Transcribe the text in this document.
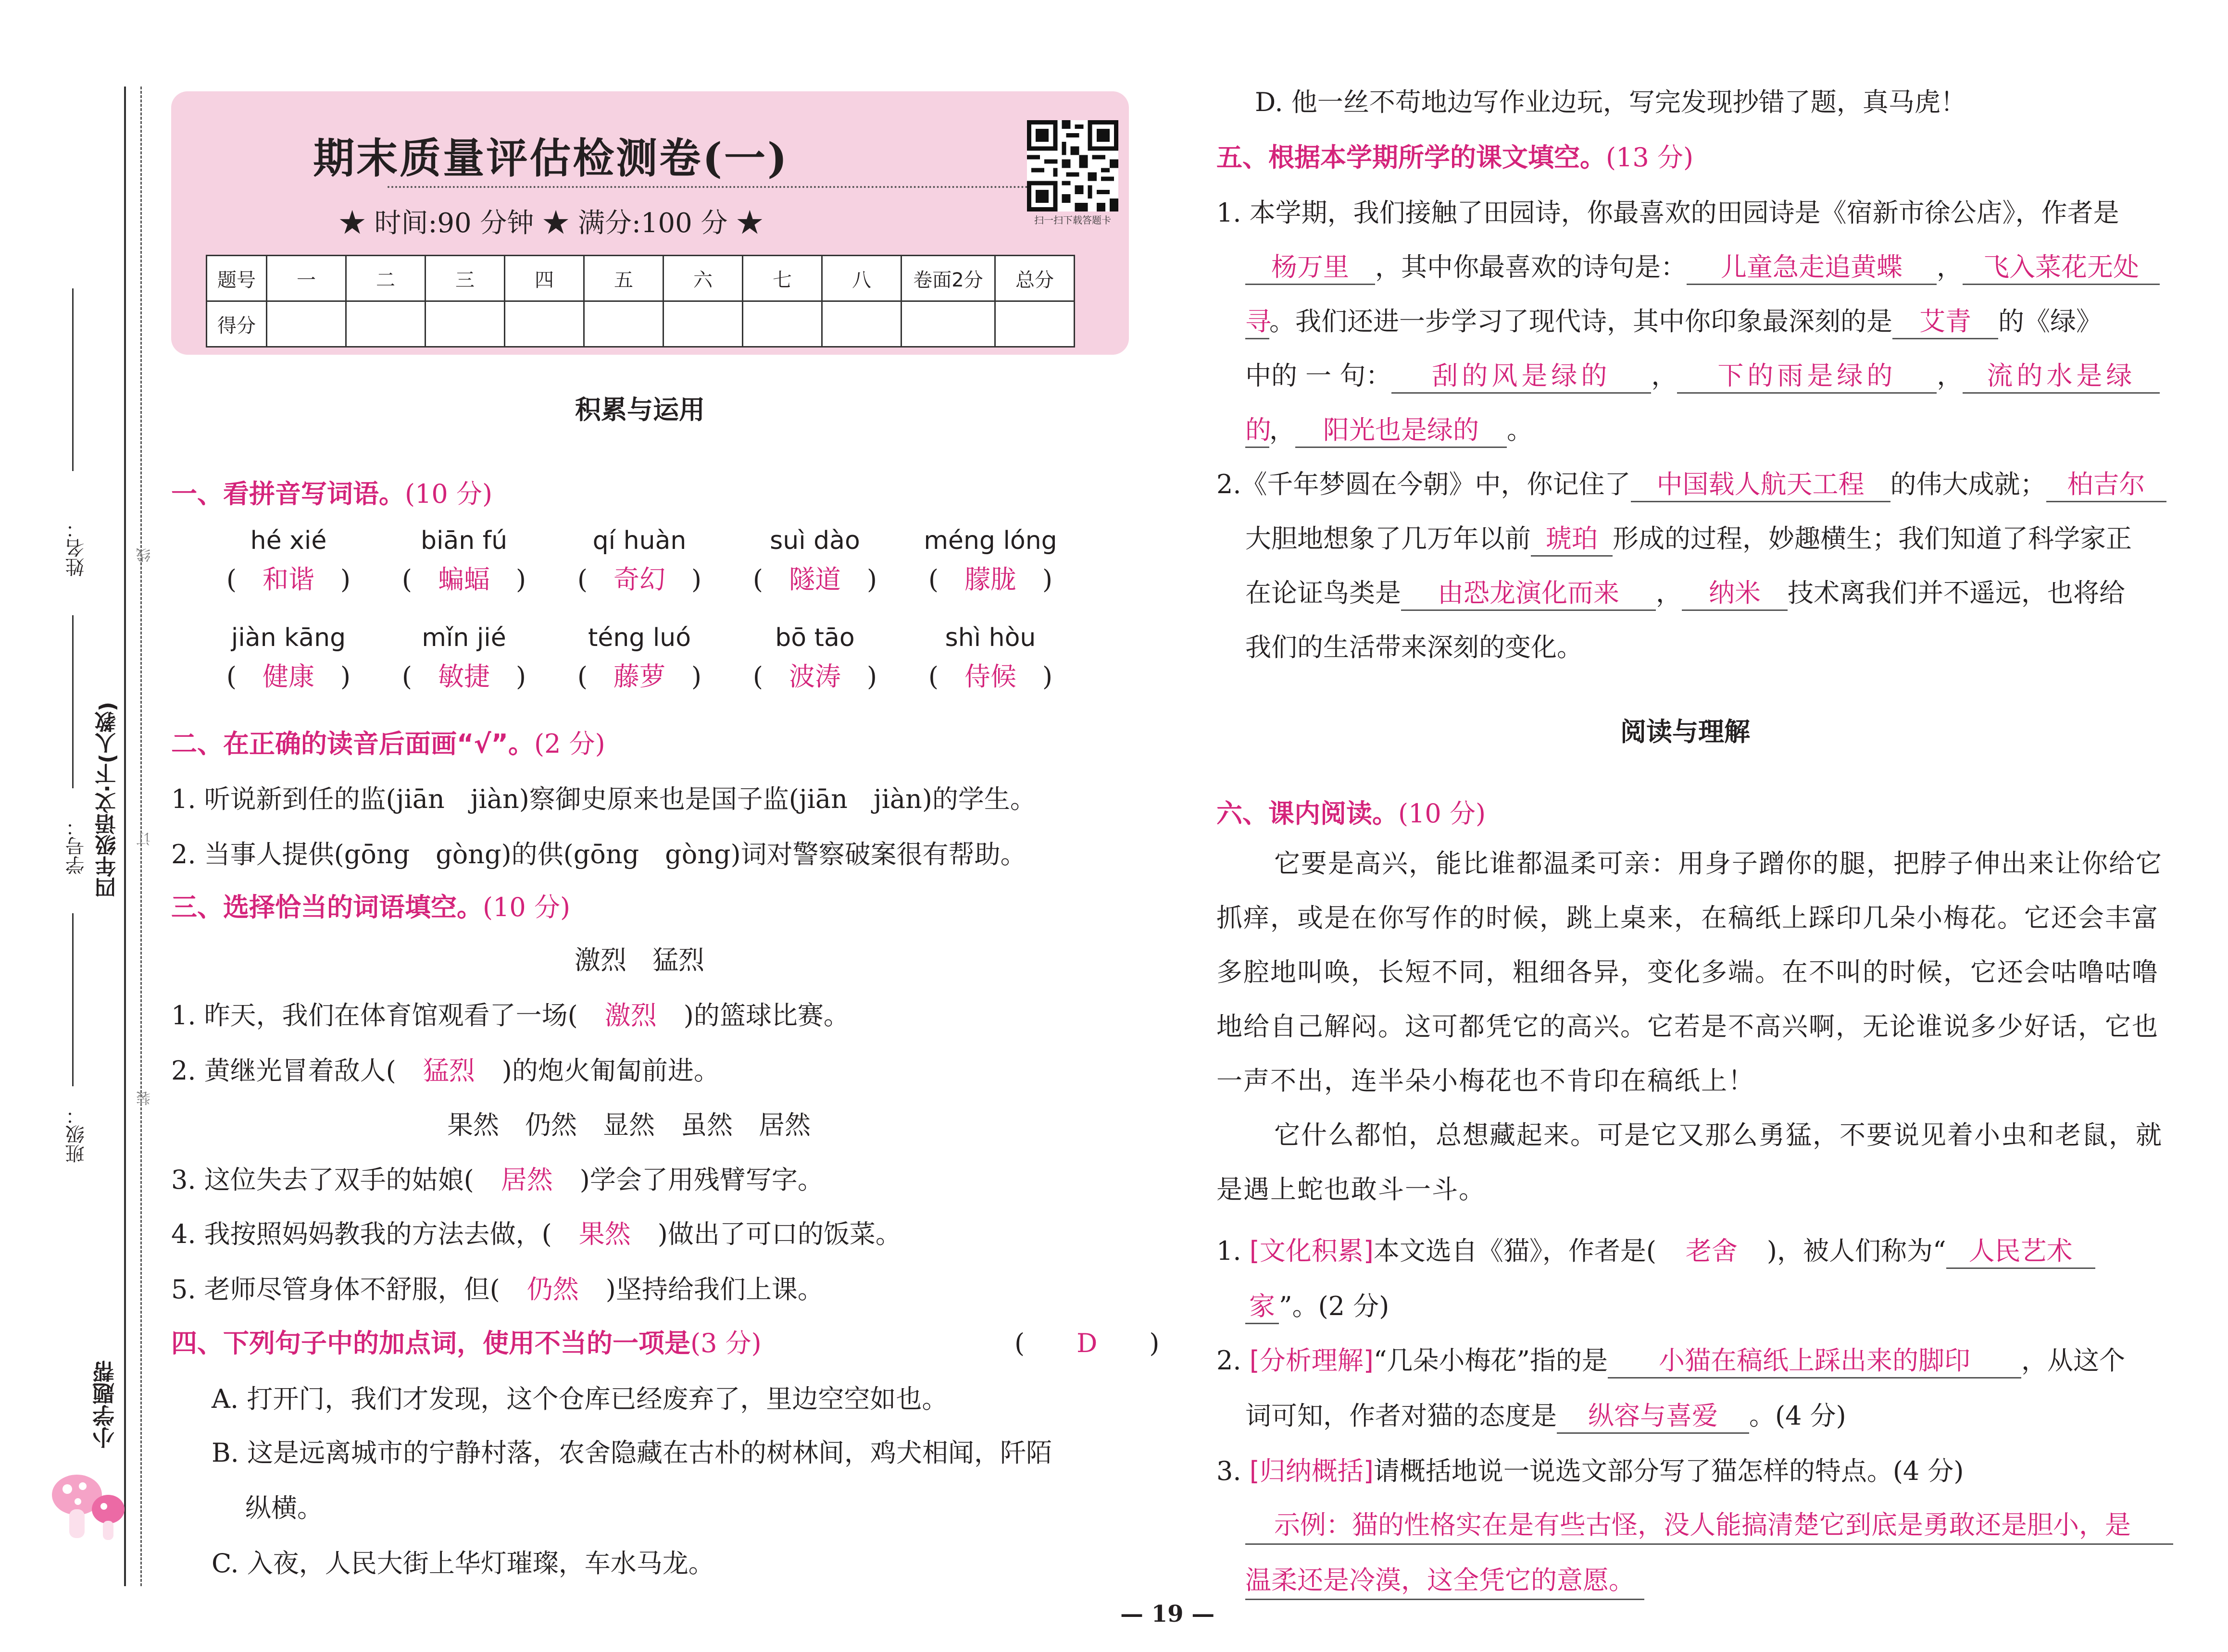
姓名：
学号：
班级：
四年级语文·下(人教)
线
订
装
小学题帮
期末质量评估检测卷(一)
★ 时间:90 分钟 ★ 满分:100 分 ★	扫一扫下载答题卡
题号	一	二	三	四	五	六	七	八	卷面2分	总分
得分										
积累与运用
一、看拼音写词语。(10 分)
hé xié
(　和谐　)
biān fú
(　蝙蝠　)
qí huàn
(　奇幻　)
suì dào
(　隧道　)
méng lóng
(　朦胧　)
jiàn kāng
(　健康　)
mǐn jié
(　敏捷　)
téng luó
(　藤萝　)
bō tāo
(　波涛　)
shì hòu
(　侍候　)
二、在正确的读音后面画“√”。(2 分)
1. 听说新到任的监(jiān　jiàn)察御史原来也是国子监(jiān　jiàn)的学生。
2. 当事人提供(gōng　gòng)的供(gōng　gòng)词对警察破案很有帮助。
三、选择恰当的词语填空。(10 分)
激烈　猛烈
1. 昨天，我们在体育馆观看了一场( 激烈 )的篮球比赛。
2. 黄继光冒着敌人( 猛烈 )的炮火匍匐前进。
果然　仍然　显然　虽然　居然
3. 这位失去了双手的姑娘( 居然 )学会了用残臂写字。
4. 我按照妈妈教我的方法去做，( 果然 )做出了可口的饭菜。
5. 老师尽管身体不舒服，但( 仍然 )坚持给我们上课。
四、下列句子中的加点词，使用不当的一项是(3 分)	(　　D　　)
A. 打开门，我们才发现，这个仓库已经废弃了，里边空空如也。
B. 这是远离城市的宁静村落，农舍隐藏在古朴的树林间，鸡犬相闻，阡陌
纵横。
C. 入夜，人民大街上华灯璀璨，车水马龙。
D. 他一丝不苟地边写作业边玩，写完发现抄错了题，真马虎！
五、根据本学期所学的课文填空。(13 分)
1. 本学期，我们接触了田园诗，你最喜欢的田园诗是《宿新市徐公店》，作者是
杨万里 ，其中你最喜欢的诗句是： 儿童急走追黄蝶 ， 飞入菜花无处
寻。我们还进一步学习了现代诗，其中你印象最深刻的是 艾青 的《绿》
中的 一 句： 刮的风是绿的 ， 下的雨是绿的 ， 流的水是绿
的， 阳光也是绿的 。
2.《千年梦圆在今朝》中，你记住了 中国载人航天工程 的伟大成就； 柏吉尔
大胆地想象了几万年以前 琥珀 形成的过程，妙趣横生；我们知道了科学家正
在论证鸟类是 由恐龙演化而来 ， 纳米 技术离我们并不遥远，也将给
我们的生活带来深刻的变化。
阅读与理解
六、课内阅读。(10 分)
它要是高兴，能比谁都温柔可亲：用身子蹭你的腿，把脖子伸出来让你给它抓痒，或是在你写作的时候，跳上桌来，在稿纸上踩印几朵小梅花。它还会丰富多腔地叫唤，长短不同，粗细各异，变化多端。在不叫的时候，它还会咕噜咕噜地给自己解闷。这可都凭它的高兴。它若是不高兴啊，无论谁说多少好话，它也一声不出，连半朵小梅花也不肯印在稿纸上！
它什么都怕，总想藏起来。可是它又那么勇猛，不要说见着小虫和老鼠，就是遇上蛇也敢斗一斗。
1. [文化积累]本文选自《猫》，作者是( 老舍 )，被人们称为“ 人民艺术
家 ”。(2 分)
2. [分析理解]“几朵小梅花”指的是 小猫在稿纸上踩出来的脚印 ，从这个
词可知，作者对猫的态度是 纵容与喜爱 。(4 分)
3. [归纳概括]请概括地说一说选文部分写了猫怎样的特点。(4 分)
示例：猫的性格实在是有些古怪，没人能搞清楚它到底是勇敢还是胆小，是
温柔还是冷漠，这全凭它的意愿。
— 19 —
